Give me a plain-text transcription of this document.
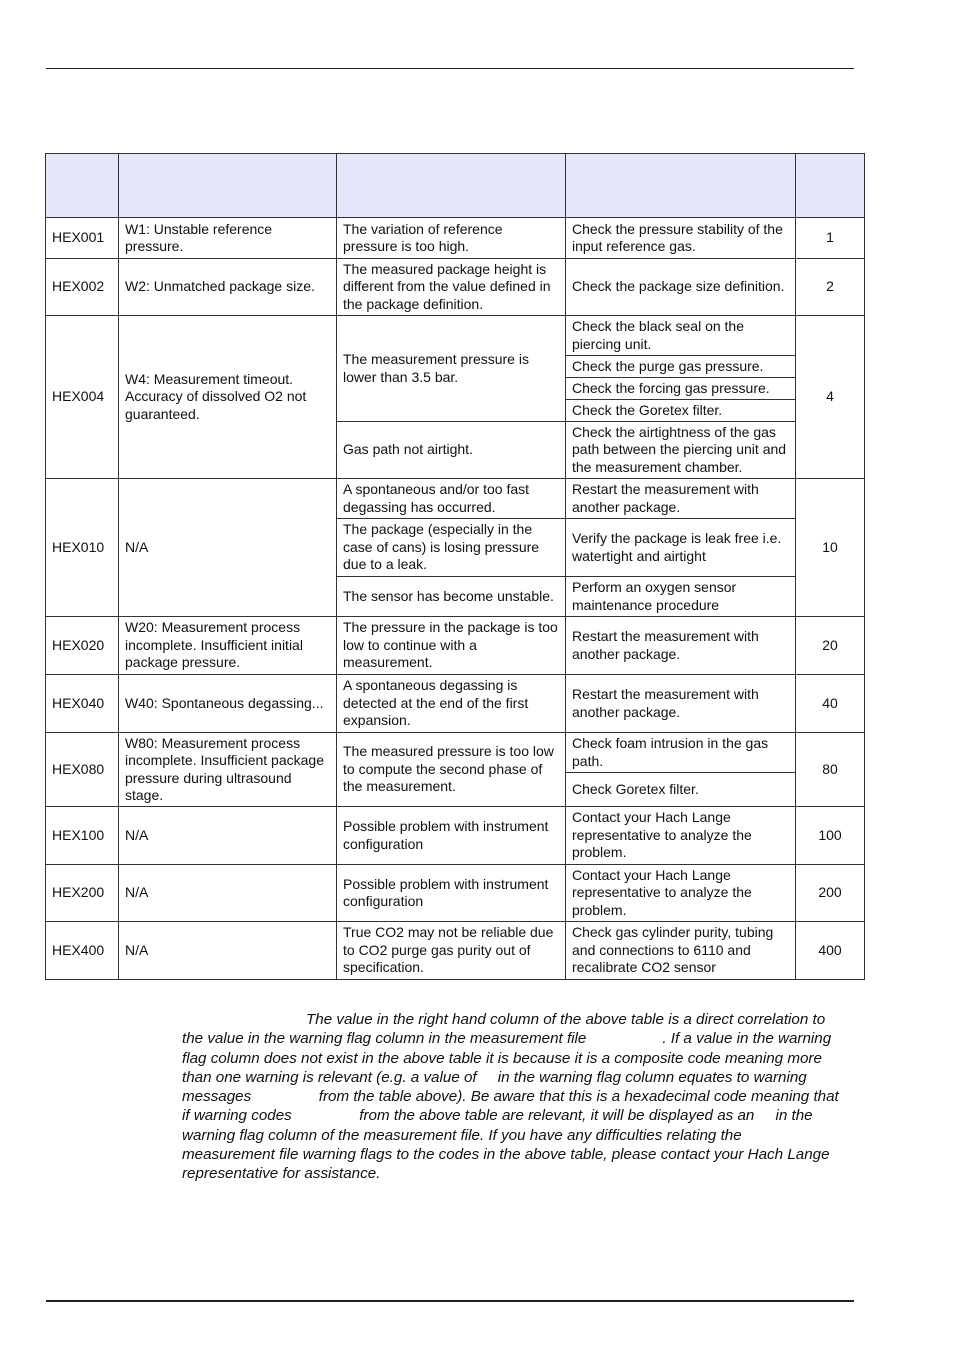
HEX001	W1: Unstable reference pressure.	The variation of reference pressure is too high.	Check the pressure stability of the input reference gas.	1
HEX002	W2: Unmatched package size.	The measured package height is different from the value defined in the package definition.	Check the package size definition.	2
HEX004	W4: Measurement timeout. Accuracy of dissolved O2 not guaranteed.	The measurement pressure is lower than 3.5 bar.	Check the black seal on the piercing unit.	4
			Check the purge gas pressure.	
			Check the forcing gas pressure.	
			Check the Goretex filter.	
		Gas path not airtight.	Check the airtightness of the gas path between the piercing unit and the measurement chamber.	
HEX010	N/A	A spontaneous and/or too fast degassing has occurred.	Restart the measurement with another package.	10
		The package (especially in the case of cans) is losing pressure due to a leak.	Verify the package is leak free i.e. watertight and airtight	
		The sensor has become unstable.	Perform an oxygen sensor maintenance procedure	
HEX020	W20: Measurement process incomplete. Insufficient initial package pressure.	The pressure in the package is too low to continue with a measurement.	Restart the measurement with another package.	20
HEX040	W40: Spontaneous degassing...	A spontaneous degassing is detected at the end of the first expansion.	Restart the measurement with another package.	40
HEX080	W80: Measurement process incomplete. Insufficient package pressure during ultrasound stage.	The measured pressure is too low to compute the second phase of the measurement.	Check foam intrusion in the gas path.	80
			Check Goretex filter.	
HEX100	N/A	Possible problem with instrument configuration	Contact your Hach Lange representative to analyze the problem.	100
HEX200	N/A	Possible problem with instrument configuration	Contact your Hach Lange representative to analyze the problem.	200
HEX400	N/A	True CO2 may not be reliable due to CO2 purge gas purity out of specification.	Check gas cylinder purity, tubing and connections to 6110 and recalibrate CO2 sensor	400
The value in the right hand column of the above table is a direct correlation to
the value in the warning flag column in the measurement file                  . If a value in the warning
flag column does not exist in the above table it is because it is a composite code meaning more
than one warning is relevant (e.g. a value of     in the warning flag column equates to warning
messages                from the table above). Be aware that this is a hexadecimal code meaning that
if warning codes                from the above table are relevant, it will be displayed as an     in the
warning flag column of the measurement file. If you have any difficulties relating the
measurement file warning flags to the codes in the above table, please contact your Hach Lange
representative for assistance.
